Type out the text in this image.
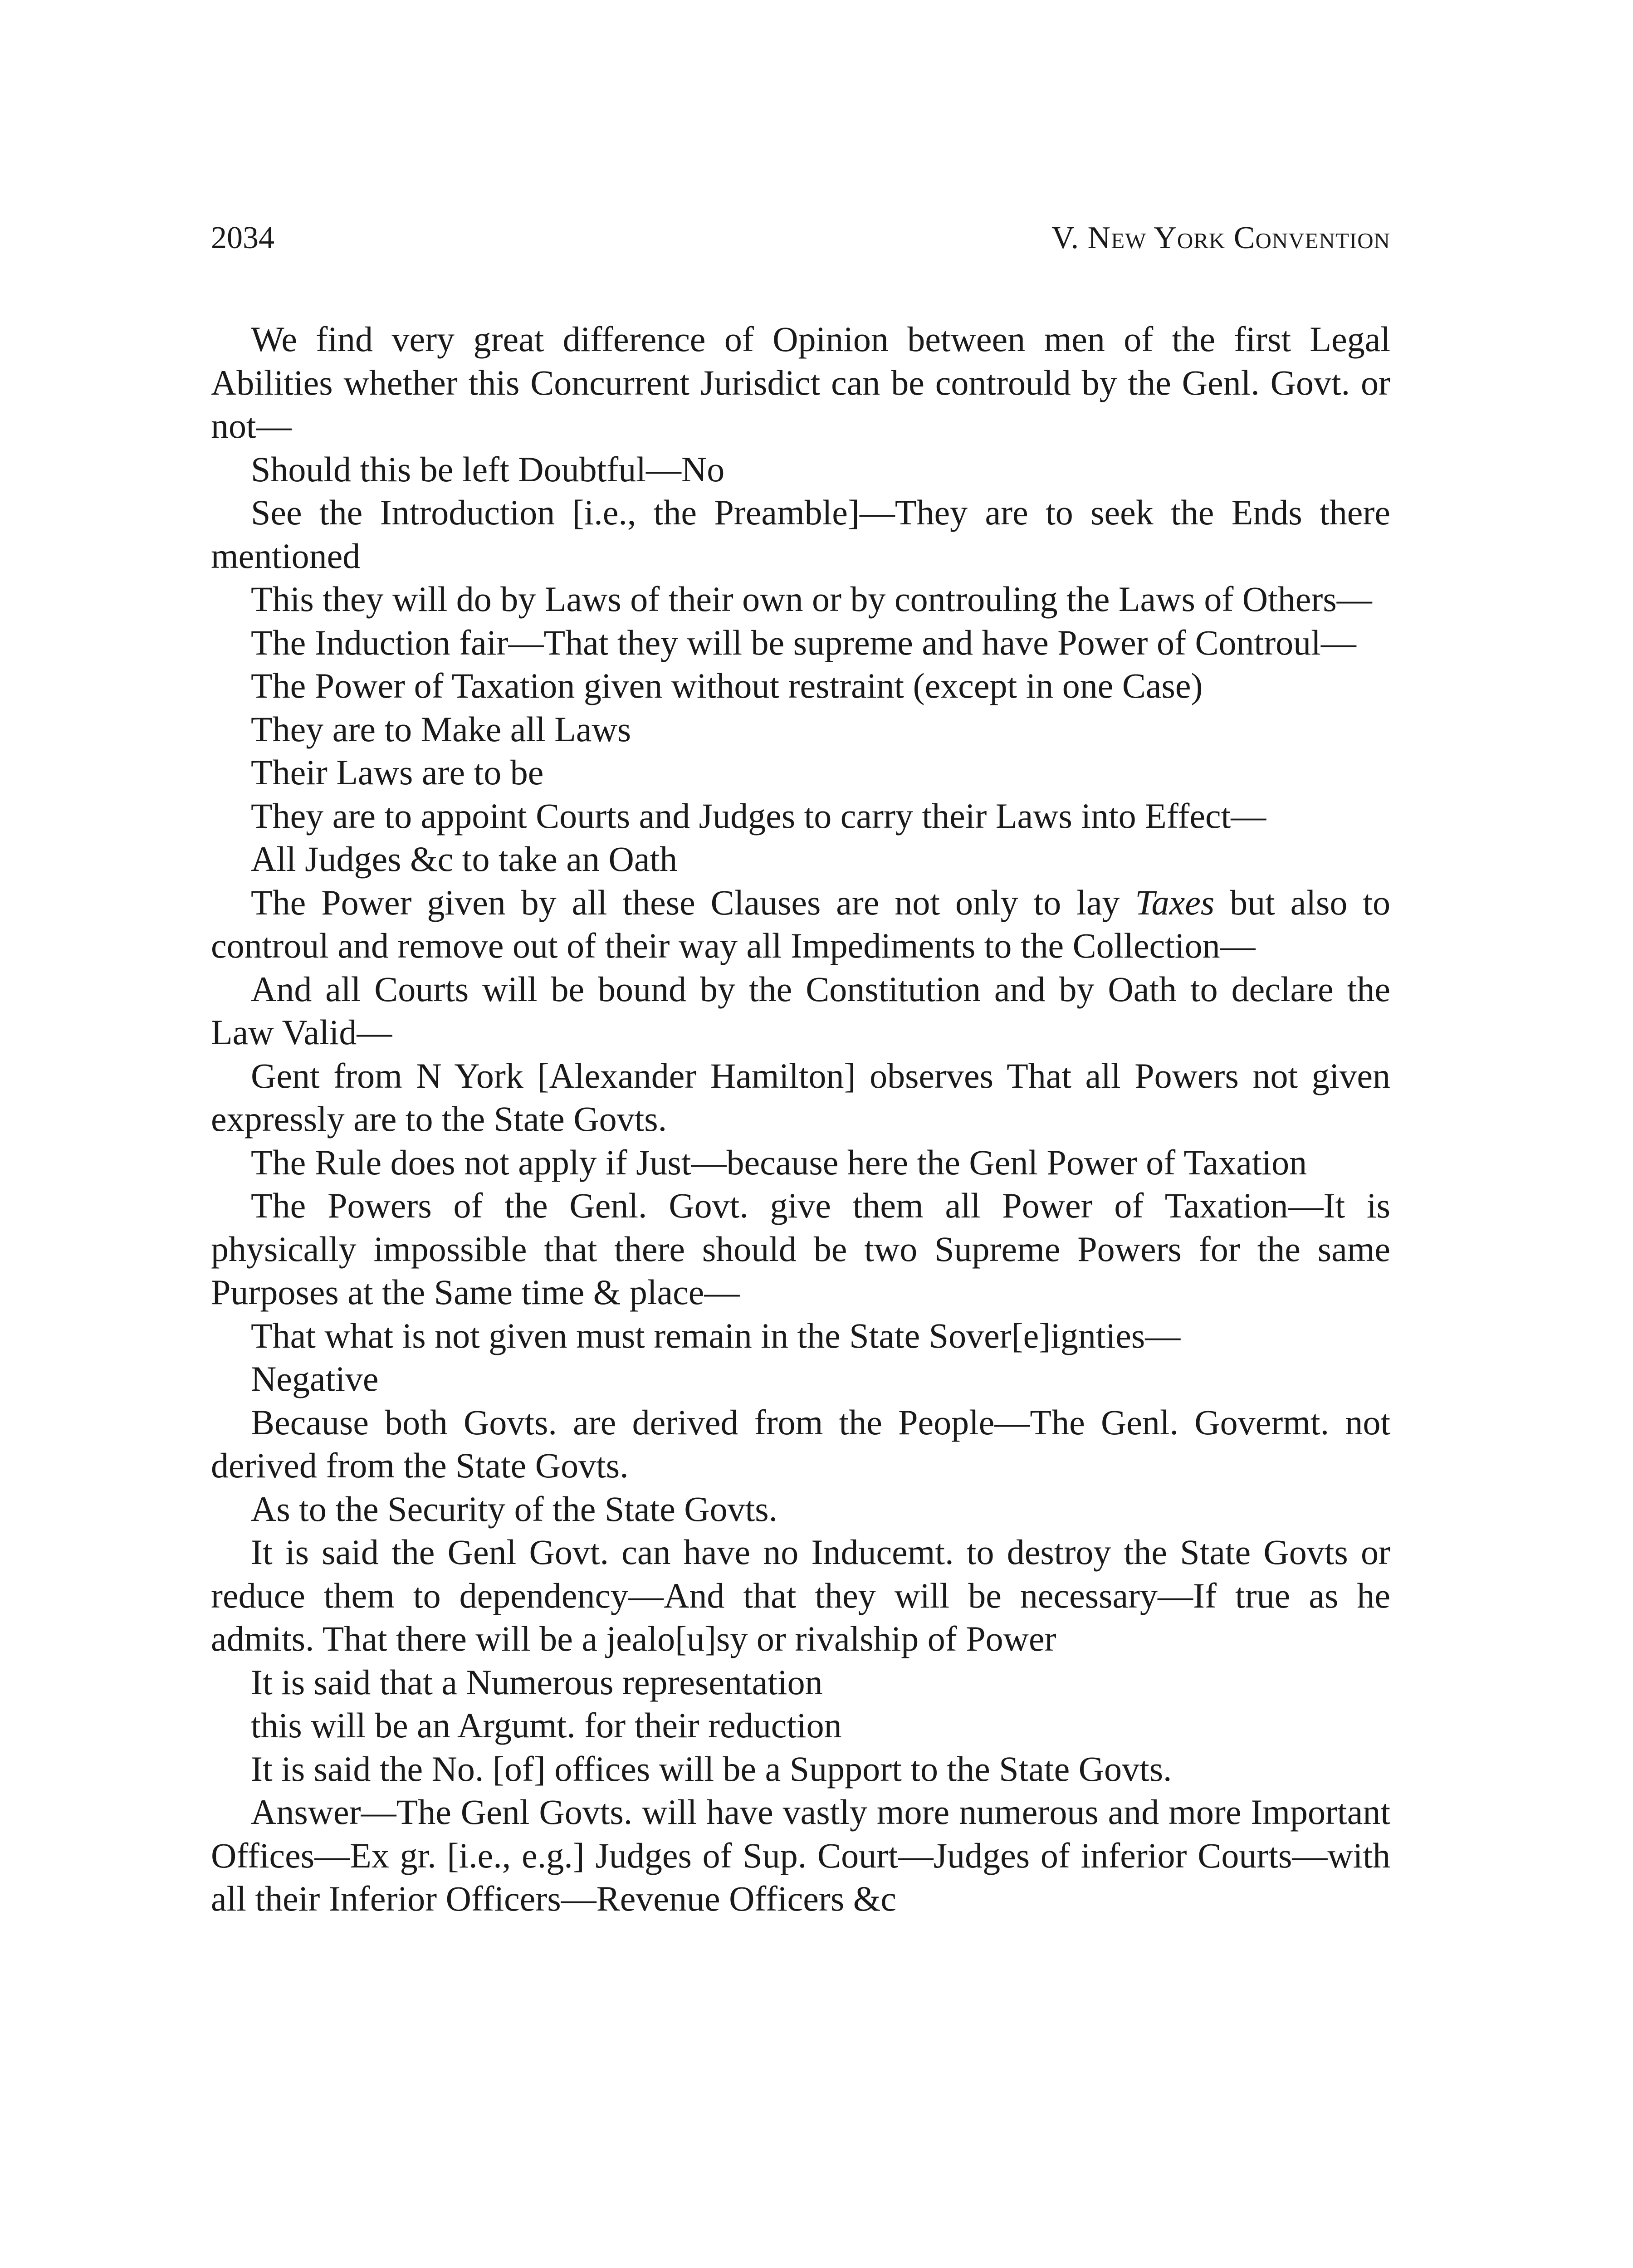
2034	V. New York Convention

We find very great difference of Opinion between men of the first Legal Abilities whether this Concurrent Jurisdict can be contrould by the Genl. Govt. or not—

Should this be left Doubtful—No

See the Introduction [i.e., the Preamble]—They are to seek the Ends there mentioned

This they will do by Laws of their own or by controuling the Laws of Others—

The Induction fair—That they will be supreme and have Power of Controul—

The Power of Taxation given without restraint (except in one Case)

They are to Make all Laws

Their Laws are to be

They are to appoint Courts and Judges to carry their Laws into Effect—

All Judges &c to take an Oath

The Power given by all these Clauses are not only to lay Taxes but also to controul and remove out of their way all Impediments to the Collection—

And all Courts will be bound by the Constitution and by Oath to declare the Law Valid—

Gent from N York [Alexander Hamilton] observes That all Powers not given expressly are to the State Govts.

The Rule does not apply if Just—because here the Genl Power of Taxation

The Powers of the Genl. Govt. give them all Power of Taxation—It is physically impossible that there should be two Supreme Powers for the same Purposes at the Same time & place—

That what is not given must remain in the State Sover[e]ignties—

Negative

Because both Govts. are derived from the People—The Genl. Govermt. not derived from the State Govts.

As to the Security of the State Govts.

It is said the Genl Govt. can have no Inducemt. to destroy the State Govts or reduce them to dependency—And that they will be necessary—If true as he admits. That there will be a jealo[u]sy or rivalship of Power

It is said that a Numerous representation

this will be an Argumt. for their reduction

It is said the No. [of] offices will be a Support to the State Govts.

Answer—The Genl Govts. will have vastly more numerous and more Important Offices—Ex gr. [i.e., e.g.] Judges of Sup. Court—Judges of inferior Courts—with all their Inferior Officers—Revenue Officers &c
